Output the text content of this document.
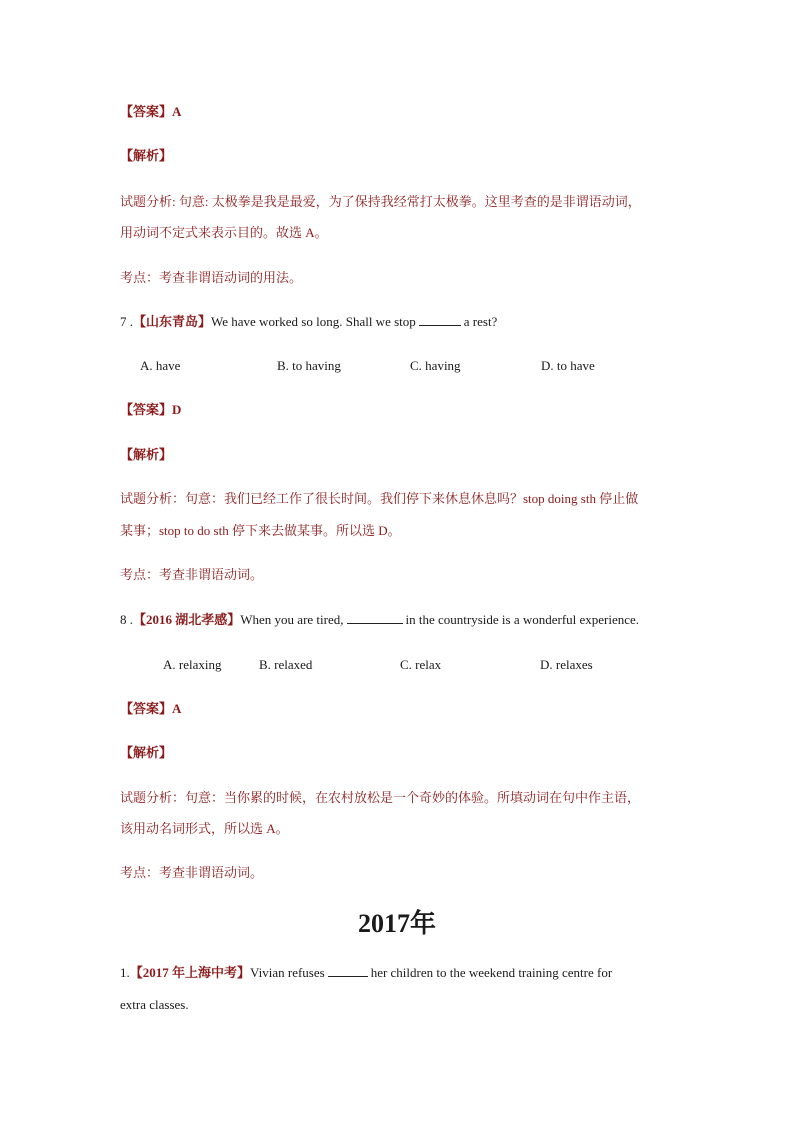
【答案】A
【解析】
试题分析: 句意: 太极拳是我是最爱，为了保持我经常打太极拳。这里考查的是非谓语动词，
用动词不定式来表示目的。故选 A。
考点：考查非谓语动词的用法。
7 .【山东青岛】We have worked so long. Shall we stop	a rest?
A. have	B. to having	C. having	D. to have
【答案】D
【解析】
试题分析：句意：我们已经工作了很长时间。我们停下来休息休息吗？stop doing sth 停止做
某事；stop to do sth 停下来去做某事。所以选 D。
考点：考查非谓语动词。
8 .【2016 湖北孝感】When you are tired,	in the countryside is a wonderful experience.
A. relaxing	B. relaxed	C. relax	D. relaxes
【答案】A
【解析】
试题分析：句意：当你累的时候，在农村放松是一个奇妙的体验。所填动词在句中作主语，
该用动名词形式，所以选 A。
考点：考查非谓语动词。
2017年
1.【2017 年上海中考】Vivian refuses	her children to the weekend training centre for
extra classes.
